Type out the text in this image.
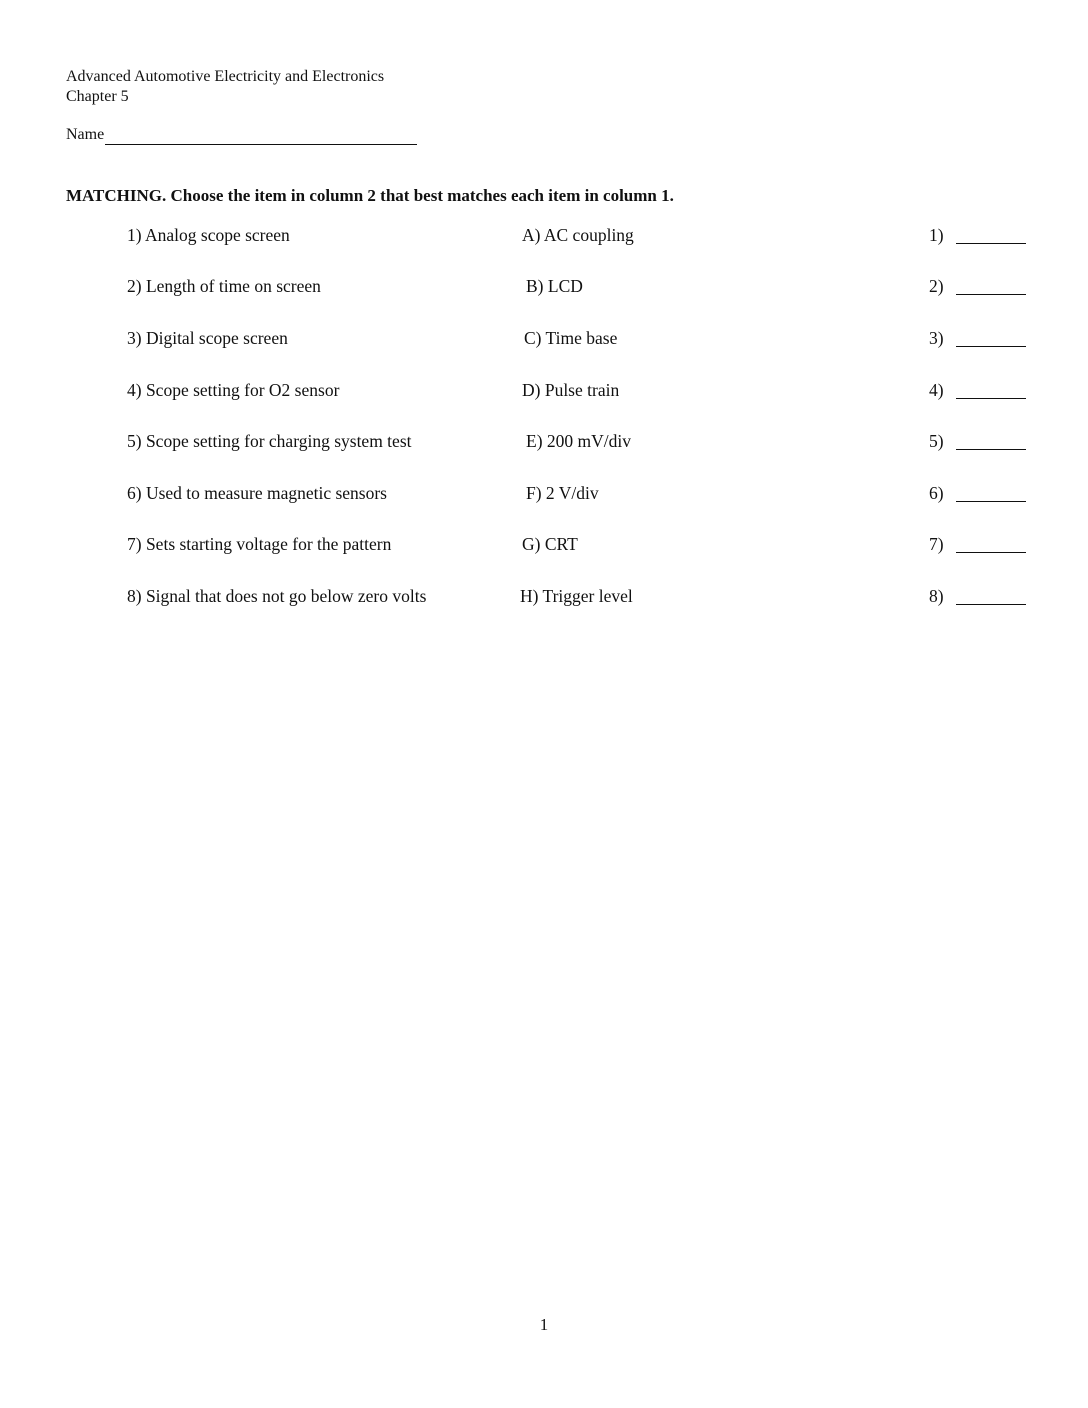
Advanced Automotive Electricity and Electronics
Chapter 5
Name
MATCHING. Choose the item in column 2 that best matches each item in column 1.
1) Analog scope screen	A) AC coupling	1)
2) Length of time on screen	B) LCD	2)
3) Digital scope screen	C) Time base	3)
4) Scope setting for O2 sensor	D) Pulse train	4)
5) Scope setting for charging system test	E) 200 mV/div	5)
6) Used to measure magnetic sensors	F) 2 V/div	6)
7) Sets starting voltage for the pattern	G) CRT	7)
8) Signal that does not go below zero volts	H) Trigger level	8)
1
